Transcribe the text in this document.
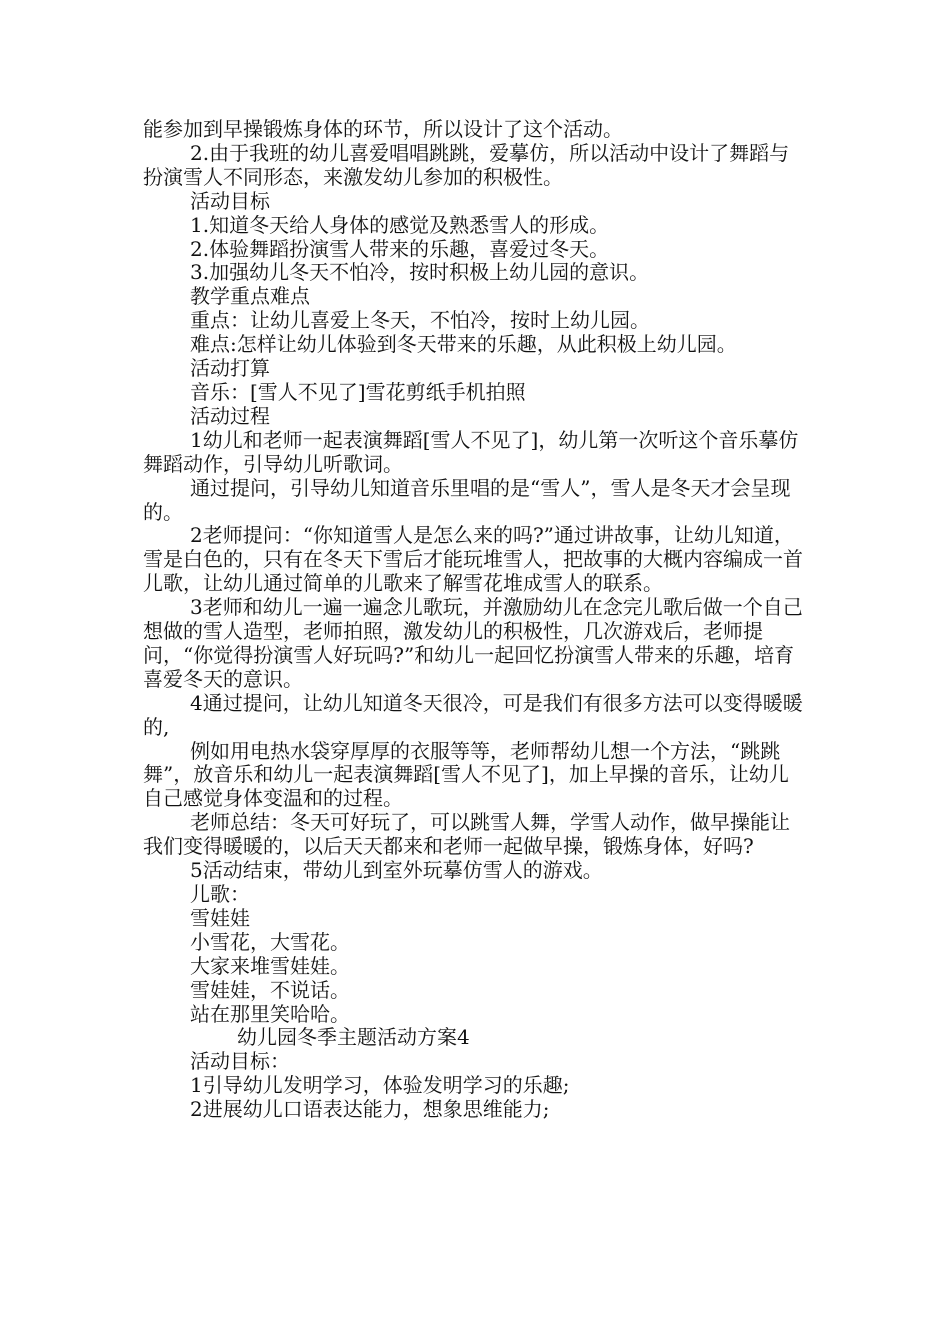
能参加到早操锻炼身体的环节，所以设计了这个活动。

2.由于我班的幼儿喜爱唱唱跳跳，爱摹仿，所以活动中设计了舞蹈与扮演雪人不同形态，来激发幼儿参加的积极性。

活动目标

1.知道冬天给人身体的感觉及熟悉雪人的形成。

2.体验舞蹈扮演雪人带来的乐趣，喜爱过冬天。

3.加强幼儿冬天不怕冷，按时积极上幼儿园的意识。

教学重点难点

重点：让幼儿喜爱上冬天，不怕冷，按时上幼儿园。

难点:怎样让幼儿体验到冬天带来的乐趣，从此积极上幼儿园。

活动打算

音乐：[雪人不见了]雪花剪纸手机拍照

活动过程

1幼儿和老师一起表演舞蹈[雪人不见了]，幼儿第一次听这个音乐摹仿舞蹈动作，引导幼儿听歌词。

通过提问，引导幼儿知道音乐里唱的是“雪人”，雪人是冬天才会呈现的。

2老师提问：“你知道雪人是怎么来的吗?”通过讲故事，让幼儿知道，雪是白色的，只有在冬天下雪后才能玩堆雪人，把故事的大概内容编成一首儿歌，让幼儿通过简单的儿歌来了解雪花堆成雪人的联系。

3老师和幼儿一遍一遍念儿歌玩，并激励幼儿在念完儿歌后做一个自己想做的雪人造型，老师拍照，激发幼儿的积极性，几次游戏后，老师提问，“你觉得扮演雪人好玩吗?”和幼儿一起回忆扮演雪人带来的乐趣，培育喜爱冬天的意识。

4通过提问，让幼儿知道冬天很冷，可是我们有很多方法可以变得暖暖的,

例如用电热水袋穿厚厚的衣服等等，老师帮幼儿想一个方法，“跳跳舞”，放音乐和幼儿一起表演舞蹈[雪人不见了]，加上早操的音乐，让幼儿自己感觉身体变温和的过程。

老师总结：冬天可好玩了，可以跳雪人舞，学雪人动作，做早操能让我们变得暖暖的，以后天天都来和老师一起做早操，锻炼身体，好吗?

5活动结束，带幼儿到室外玩摹仿雪人的游戏。

儿歌：

雪娃娃

小雪花，大雪花。

大家来堆雪娃娃。

雪娃娃，不说话。

站在那里笑哈哈。

幼儿园冬季主题活动方案4

活动目标：

1引导幼儿发明学习，体验发明学习的乐趣;

2进展幼儿口语表达能力，想象思维能力;
